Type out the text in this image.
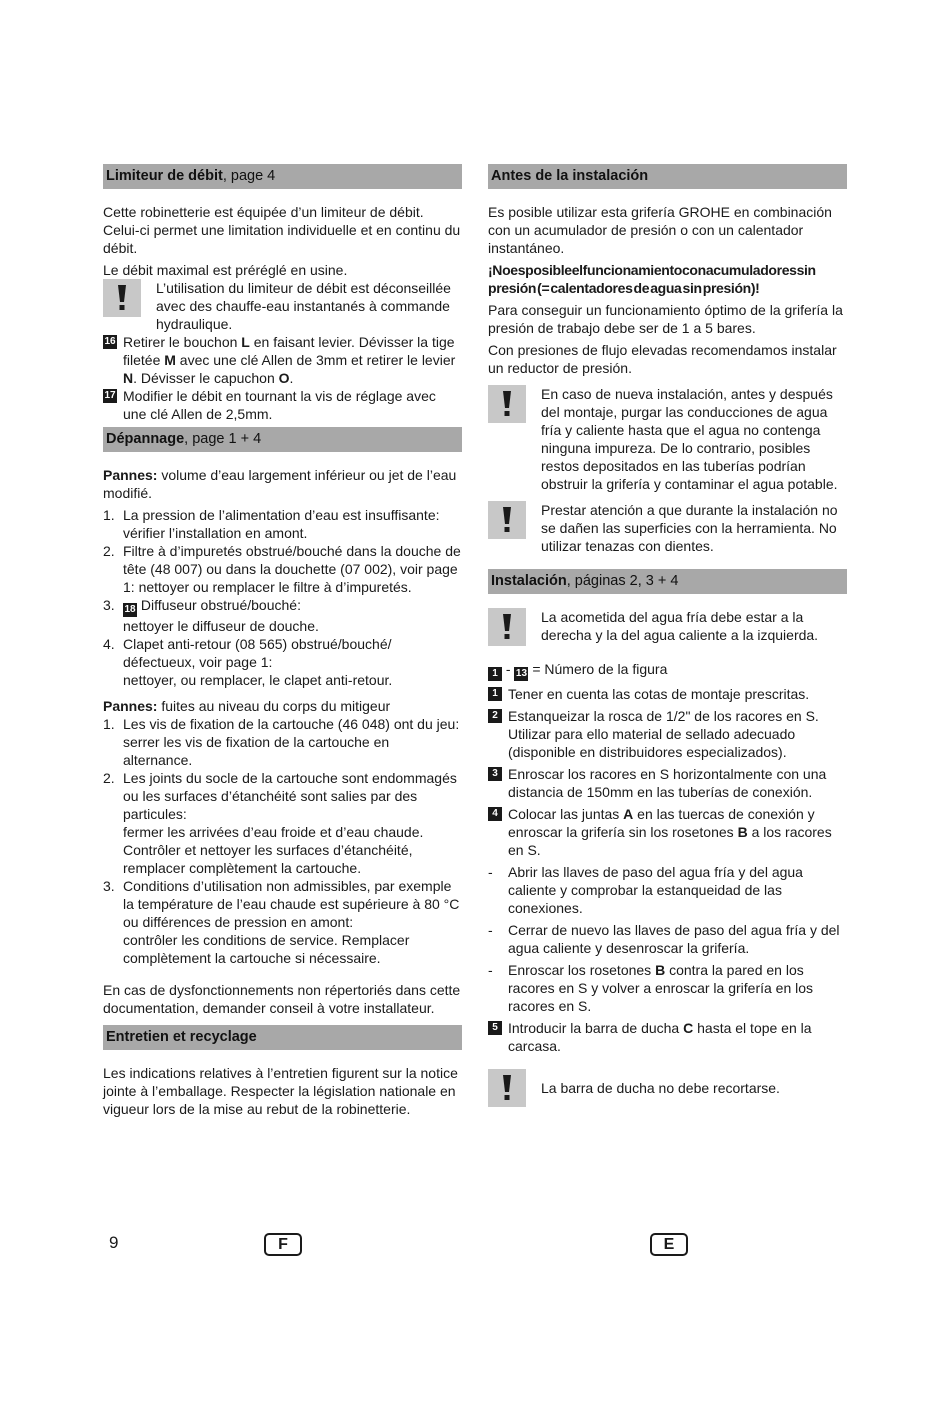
Limiteur de débit, page 4

Cette robinetterie est équipée d’un limiteur de débit. Celui-ci permet une limitation individuelle et en continu du débit.

Le débit maximal est préréglé en usine.

L’utilisation du limiteur de débit est déconseillée avec des chauffe-eau instantanés à commande hydraulique.

16 Retirer le bouchon L en faisant levier. Dévisser la tige filetée M avec une clé Allen de 3mm et retirer le levier N. Dévisser le capuchon O.
17 Modifier le débit en tournant la vis de réglage avec une clé Allen de 2,5mm.
Dépannage, page 1 + 4

Pannes: volume d’eau largement inférieur ou jet de l’eau modifié.

1. La pression de l’alimentation d’eau est insuffisante: vérifier l’installation en amont.
2. Filtre à d’impuretés obstrué/bouché dans la douche de tête (48 007) ou dans la douchette (07 002), voir page 1: nettoyer ou remplacer le filtre à d’impuretés.
3. 18 Diffuseur obstrué/bouché:
nettoyer le diffuseur de douche.
4. Clapet anti-retour (08 565) obstrué/bouché/ défectueux, voir page 1:
nettoyer, ou remplacer, le clapet anti-retour.

Pannes: fuites au niveau du corps du mitigeur

1. Les vis de fixation de la cartouche (46 048) ont du jeu: serrer les vis de fixation de la cartouche en alternance.
2. Les joints du socle de la cartouche sont endommagés ou les surfaces d’étanchéité sont salies par des particules:
fermer les arrivées d’eau froide et d’eau chaude. Contrôler et nettoyer les surfaces d’étanchéité, remplacer complètement la cartouche.
3. Conditions d’utilisation non admissibles, par exemple la température de l’eau chaude est supérieure à 80 °C ou différences de pression en amont:
contrôler les conditions de service. Remplacer complètement la cartouche si nécessaire.

En cas de dysfonctionnements non répertoriés dans cette documentation, demander conseil à votre installateur.

Entretien et recyclage

Les indications relatives à l’entretien figurent sur la notice jointe à l’emballage. Respecter la législation nationale en vigueur lors de la mise au rebut de la robinetterie.

Antes de la instalación

Es posible utilizar esta grifería GROHE en combinación con un acumulador de presión o con un calentador instantáneo.

¡Noesposibleelfuncionamientoconacumuladoressin presión (= calentadores de agua sin presión)!

Para conseguir un funcionamiento óptimo de la grifería la presión de trabajo debe ser de 1 a 5 bares.

Con presiones de flujo elevadas recomendamos instalar un reductor de presión.

En caso de nueva instalación, antes y después del montaje, purgar las conducciones de agua fría y caliente hasta que el agua no contenga ninguna impureza. De lo contrario, posibles restos depositados en las tuberías podrían obstruir la grifería y contaminar el agua potable.

Prestar atención a que durante la instalación no se dañen las superficies con la herramienta. No utilizar tenazas con dientes.

Instalación, páginas 2, 3 + 4

La acometida del agua fría debe estar a la derecha y la del agua caliente a la izquierda.

1 - 13 = Número de la figura

1 Tener en cuenta las cotas de montaje prescritas.
2 Estanqueizar la rosca de 1/2" de los racores en S. Utilizar para ello material de sellado adecuado (disponible en distribuidores especializados).
3 Enroscar los racores en S horizontalmente con una distancia de 150mm en las tuberías de conexión.
4 Colocar las juntas A en las tuercas de conexión y enroscar la grifería sin los rosetones B a los racores en S.
- Abrir las llaves de paso del agua fría y del agua caliente y comprobar la estanqueidad de las conexiones.
- Cerrar de nuevo las llaves de paso del agua fría y del agua caliente y desenroscar la grifería.
- Enroscar los rosetones B contra la pared en los racores en S y volver a enroscar la grifería en los racores en S.
5 Introducir la barra de ducha C hasta el tope en la carcasa.

La barra de ducha no debe recortarse.

9	F	E
